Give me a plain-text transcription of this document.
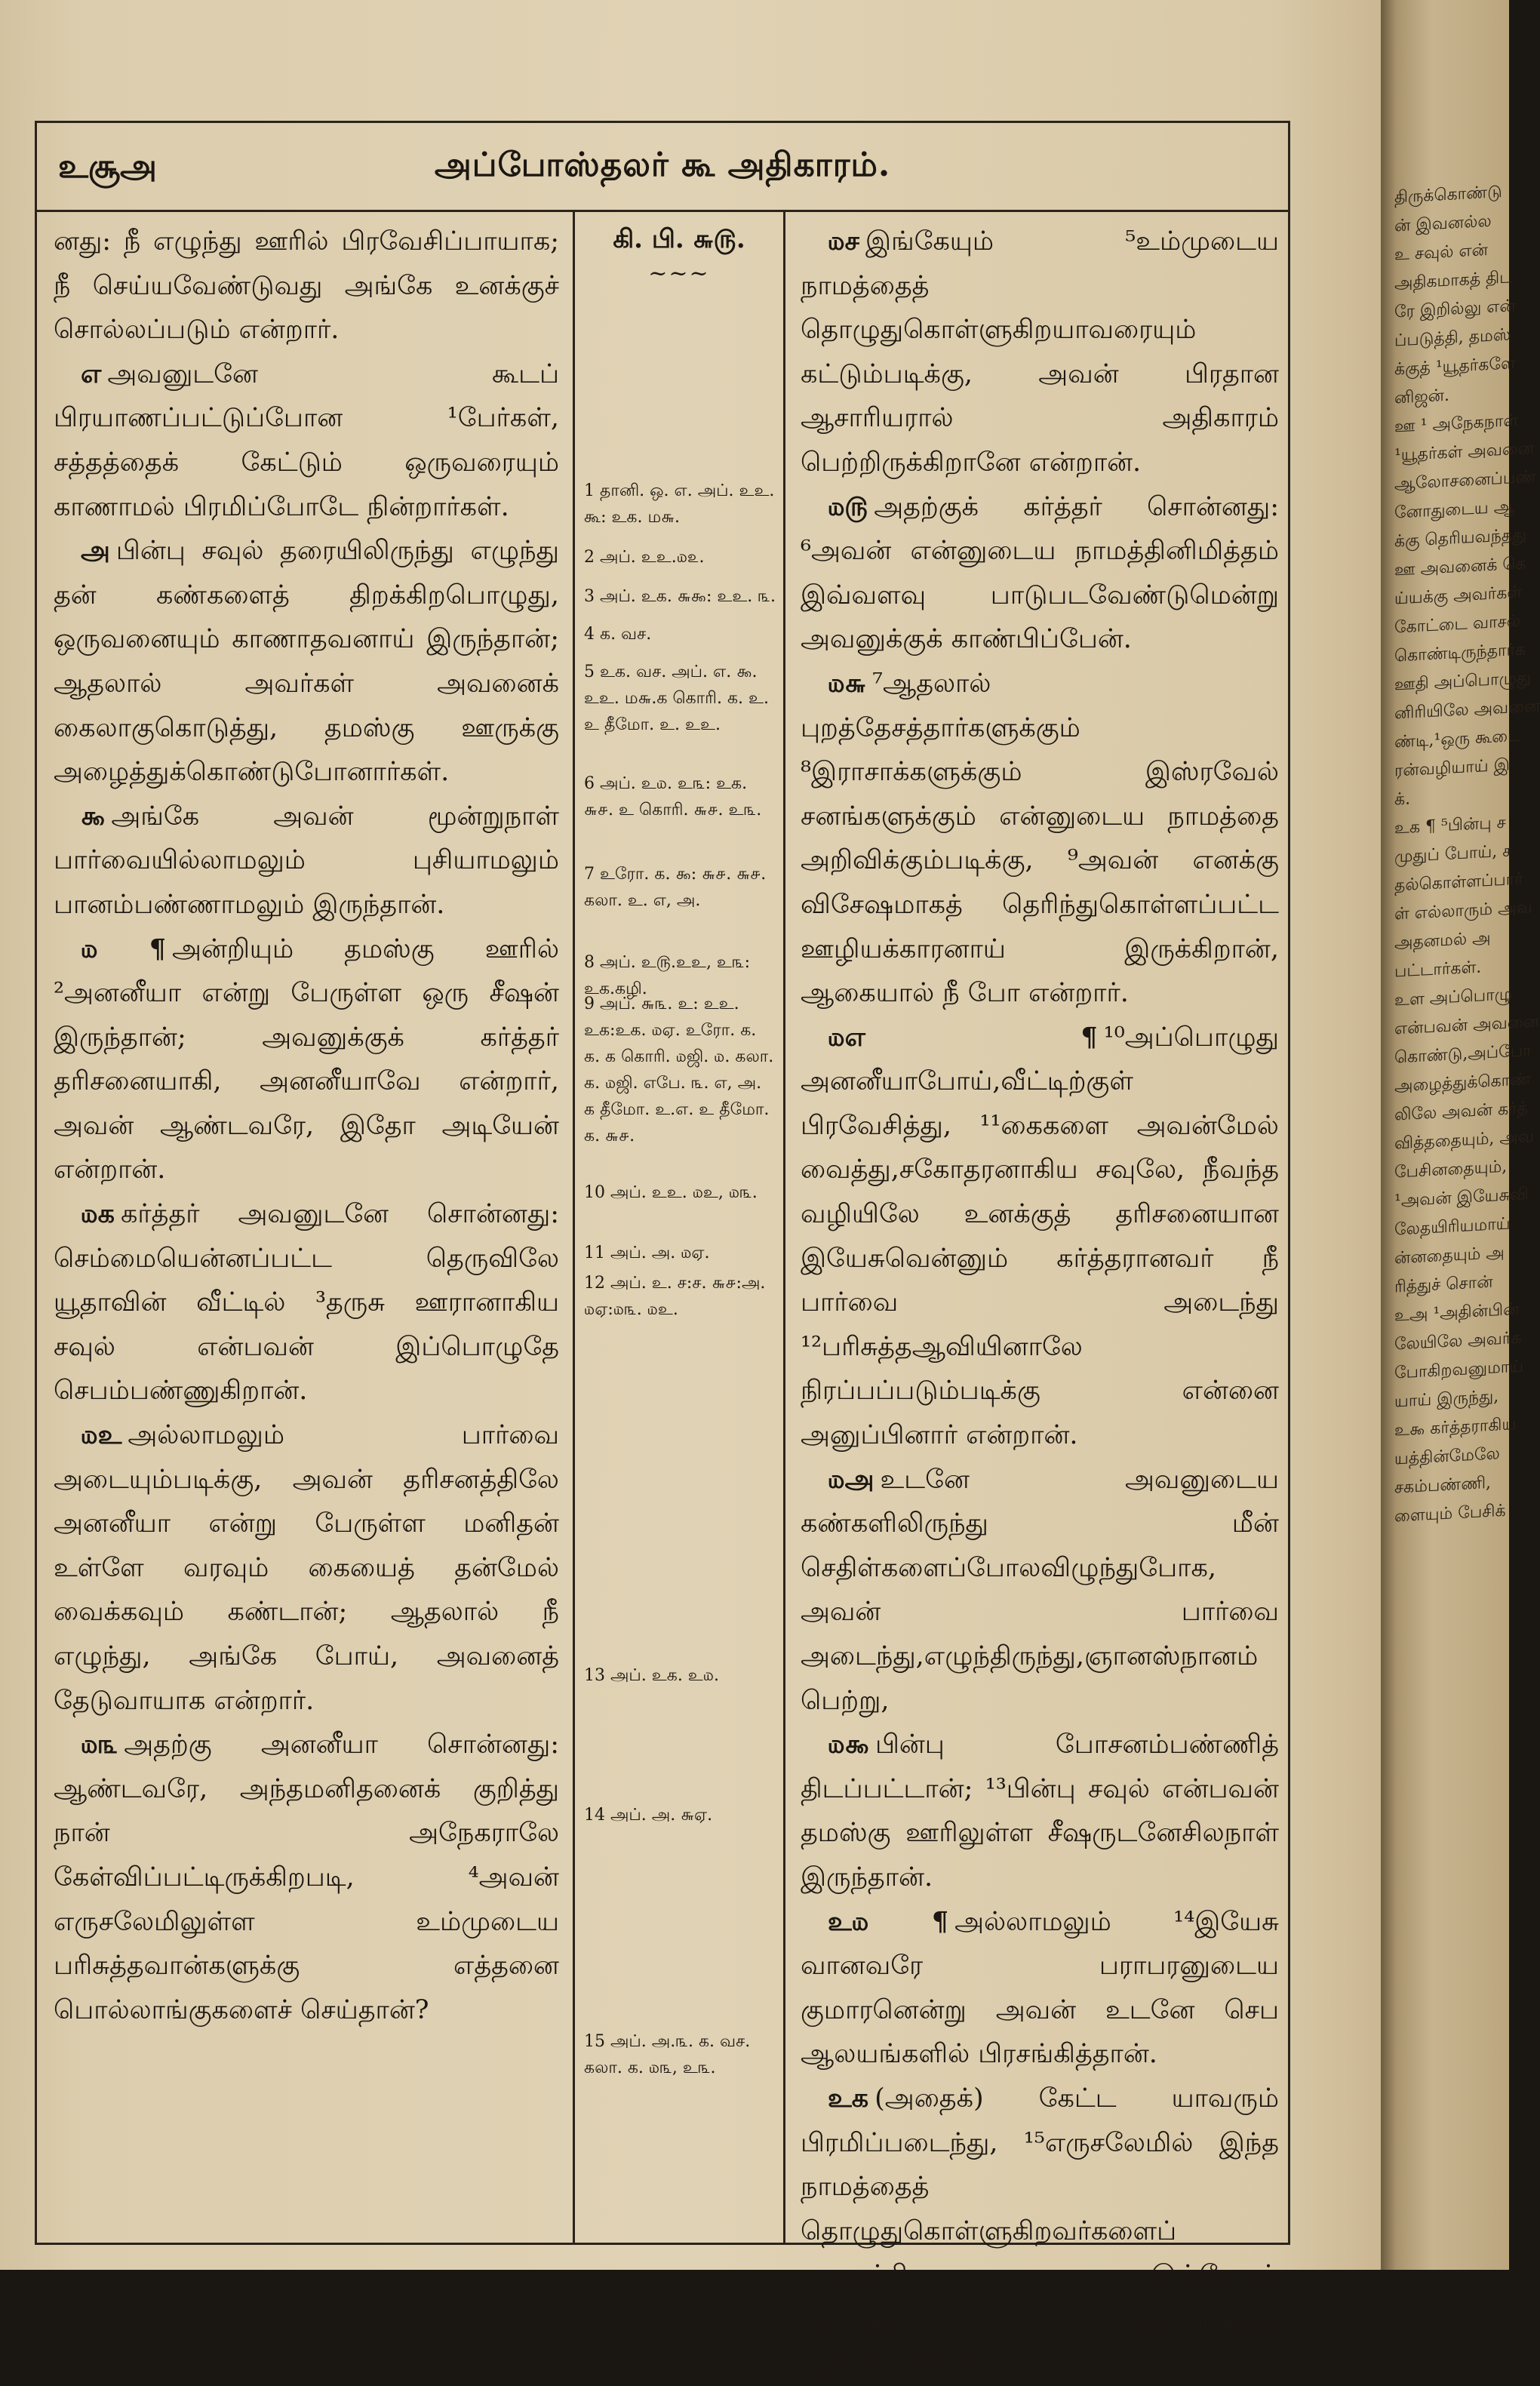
உசூஅ	அப்போஸ்தலர் கூ அதிகாரம்.

னது: நீ எழுந்து ஊரில் பிரவேசிப்பாயாக; நீ செய்யவேண்டுவது அங்கே உனக்குச் சொல்லப்படும் என்றார்.

எ அவனுடனே கூடப் பிரயாணப்பட்டுப்போன ¹பேர்கள், சத்தத்தைக் கேட்டும் ஒருவரையும் காணாமல் பிரமிப்போடே நின்றார்கள்.

அ பின்பு சவுல் தரையிலிருந்து எழுந்து தன் கண்களைத் திறக்கிறபொழுது, ஒருவனையும் காணாதவனாய் இருந்தான்; ஆதலால் அவர்கள் அவனைக் கைலாகுகொடுத்து, தமஸ்கு ஊருக்கு அழைத்துக்கொண்டுபோனார்கள்.

௯ அங்கே அவன் மூன்றுநாள் பார்வையில்லாமலும் புசியாமலும் பானம்பண்ணாமலும் இருந்தான்.

௰ ¶ அன்றியும் தமஸ்கு ஊரில் ²அனனீயா என்று பேருள்ள ஒரு சீஷன் இருந்தான்; அவனுக்குக் கர்த்தர் தரிசனையாகி, அனனீயாவே என்றார், அவன் ஆண்டவரே, இதோ அடியேன் என்றான்.

௰க கர்த்தர் அவனுடனே சொன்னது: செம்மையென்னப்பட்ட தெருவிலே யூதாவின் வீட்டில் ³தருசு ஊரானாகிய சவுல் என்பவன் இப்பொழுதே செபம்பண்ணுகிறான்.

௰உ அல்லாமலும் பார்வை அடையும்படிக்கு, அவன் தரிசனத்திலே அனனீயா என்று பேருள்ள மனிதன் உள்ளே வரவும் கையைத் தன்மேல் வைக்கவும் கண்டான்; ஆதலால் நீ எழுந்து, அங்கே போய், அவனைத் தேடுவாயாக என்றார்.

௰௩ அதற்கு அனனீயா சொன்னது: ஆண்டவரே, அந்தமனிதனைக் குறித்து நான் அநேகராலே கேள்விப்பட்டிருக்கிறபடி, ⁴அவன் எருசலேமிலுள்ள உம்முடைய பரிசுத்தவான்களுக்கு எத்தனை பொல்லாங்குகளைச் செய்தான்?

கி. பி. ௬௫.
~~~
1 தானி. ஒ. எ. அப். உஉ. கூ: உக. ம௬.
2 அப். உஉ.௰௨.
3 அப். உக. ௬௯: உஉ. ௩.
4 க. வச.
5 உக. வச. அப். எ. ௯. உஉ. ம௬.க கொரி. க. உ. உ தீமோ. உ. உஉ.
6 அப். உ௰. உ௩: உக. ௬௪. உ கொரி. ௬௪. உ௩.
7 உரோ. க. ௯: ௬௪. ௬௪. கலா. உ. எ, அ.
8 அப். உ௫.உஉ, உ௩: உக.கழி.
9 அப். ௬௩. உ: உஉ. உக:உக. ௰ஏ. உரோ. க. க. க கொரி. ௰ஜி. ௰. கலா. க. ௰ஜி. எபே. ௩. எ, அ. க தீமோ. உ.எ. உ தீமோ. க. ௬௪.
10 அப். உஉ. ௰உ, ௰௩.
11 அப். அ. ௰ஏ.
12 அப். உ. ச:ச. ௬௪:அ. ௰ஏ:௰௩. ௰உ.
13 அப். உக. உ௰.
14 அப். அ. ௬ஏ.
15 அப். அ.௩. க. வச. கலா. க. ௰௩, உ௩.

௰ச இங்கேயும் ⁵உம்முடைய நாமத்தைத் தொழுதுகொள்ளுகிறயாவரையும் கட்டும்படிக்கு, அவன் பிரதான ஆசாரியரால் அதிகாரம் பெற்றிருக்கிறானே என்றான்.

௰௫ அதற்குக் கர்த்தர் சொன்னது: ⁶அவன் என்னுடைய நாமத்தினிமித்தம் இவ்வளவு பாடுபடவேண்டுமென்று அவனுக்குக் காண்பிப்பேன்.

௰௬ ⁷ஆதலால் புறத்தேசத்தார்களுக்கும் ⁸இராசாக்களுக்கும் இஸ்ரவேல் சனங்களுக்கும் என்னுடைய நாமத்தை அறிவிக்கும்படிக்கு, ⁹அவன் எனக்கு விசேஷமாகத் தெரிந்துகொள்ளப்பட்ட ஊழியக்காரனாய் இருக்கிறான், ஆகையால் நீ போ என்றார்.

௰எ ¶ ¹⁰அப்பொழுது அனனீயாபோய்,வீட்டிற்குள் பிரவேசித்து, ¹¹கைகளை அவன்மேல் வைத்து,சகோதரனாகிய சவுலே, நீவந்த வழியிலே உனக்குத் தரிசனையான இயேசுவென்னும் கர்த்தரானவர் நீ பார்வை அடைந்து ¹²பரிசுத்தஆவியினாலே நிரப்பப்படும்படிக்கு என்னை அனுப்பினார் என்றான்.

௰அ உடனே அவனுடைய கண்களிலிருந்து மீன் செதிள்களைப்போலவிழுந்துபோக, அவன் பார்வை அடைந்து,எழுந்திருந்து,ஞானஸ்நானம் பெற்று,

௰௯ பின்பு போசனம்பண்ணித் திடப்பட்டான்; ¹³பின்பு சவுல் என்பவன் தமஸ்கு ஊரிலுள்ள சீஷருடனேசிலநாள் இருந்தான்.

உ௰ ¶ அல்லாமலும் ¹⁴இயேசு வானவரே பராபரனுடைய குமாரனென்று அவன் உடனே செப ஆலயங்களில் பிரசங்கித்தான்.

உக (அதைக்) கேட்ட யாவரும் பிரமிப்படைந்து, ¹⁵எருசலேமில் இந்த நாமத்தைத் தொழுதுகொள்ளுகிறவர்களைப் பாழாக்கி, இங்கேயும் அப்படிப்பட்டவர்களைக் கட்டி, பிரதான ஆசாரியனிடத்

திருக்கொண்டு
ன் இவனல்ல
உ சவுல் என்
அதிகமாகத் திட
ரே இறில்லு என்
ப்படுத்தி, தமஸ்
க்குத் ¹யூதர்களே
னிஜன்.
ஊ ¹ அநேகநாள்
¹யூதர்கள் அவனை
ஆலோசனைப்பண்
னோதுடைய ஆ
க்கு தெரியவந்தது
ஊ அவனைக் கெ
ய்யக்கு அவர்கள்
கோட்டை வாசல்
கொண்டிருந்தார்க
ஊதி அப்பொழுது
னிரியிலே அவனை
ண்டி,¹ஒரு கூடை
ரன்வழியாய் இ
க்.
உக ¶ ⁵பின்பு ச
முதுப் போய், ச
தல்கொள்ளப்பார்
ள் எல்லாரும் அவ
அதனமல் அ
பட்டார்கள்.
உள அப்பொழு
என்பவன் அவனை
கொண்டு,அப்போ
அழைத்துக்கொண்
லிலே அவன் கர்த்
வித்ததையும், அவ
பேசினதையும்,
¹அவன் இயேசுவி
லேதயிரியமாய்
ன்னதையும் அ
ரித்துச் சொன்
உஅ ¹அதின்பின்
லேயிலே அவர்க
போகிறவனுமாய்
யாய் இருந்து,
உ௯ கர்த்தராகிய
யத்தின்மேலே
சகம்பண்ணி,
ளையும் பேசிக்
